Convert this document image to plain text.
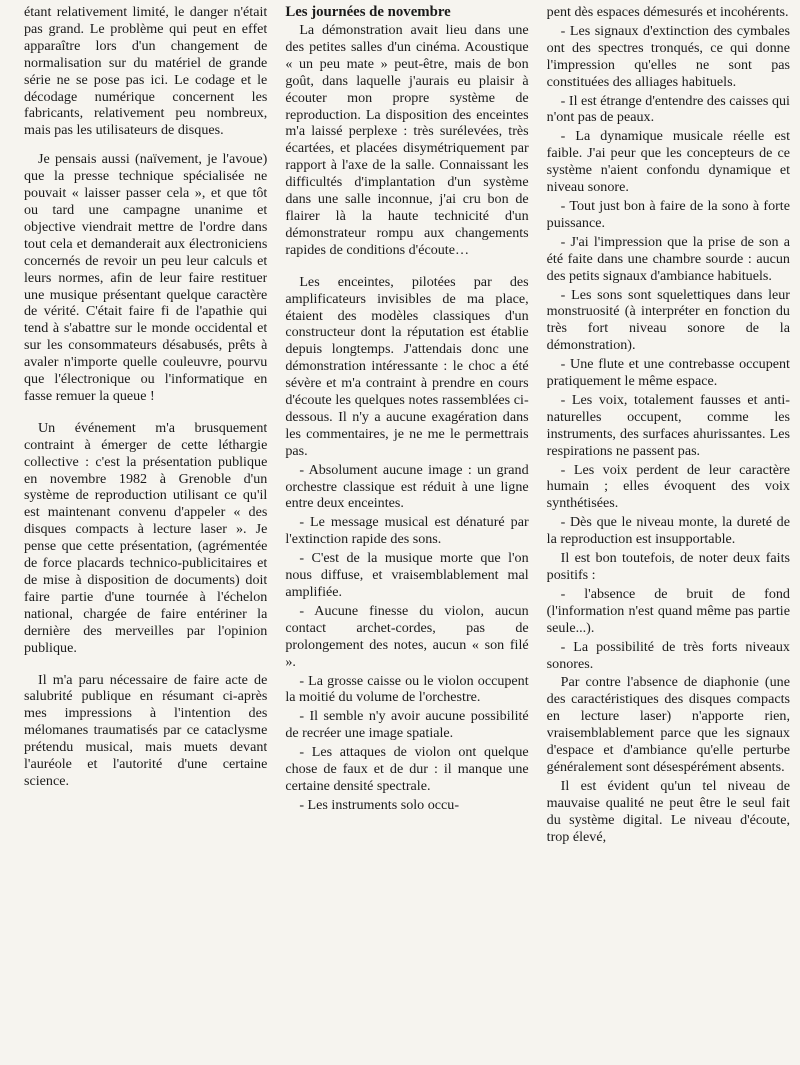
étant relativement limité, le danger n'était pas grand. Le problème qui peut en effet apparaître lors d'un changement de normalisation sur du matériel de grande série ne se pose pas ici. Le codage et le décodage numérique concernent les fabricants, relativement peu nombreux, mais pas les utilisateurs de disques.

Je pensais aussi (naïvement, je l'avoue) que la presse technique spécialisée ne pouvait « laisser passer cela », et que tôt ou tard une campagne unanime et objective viendrait mettre de l'ordre dans tout cela et demanderait aux électroniciens concernés de revoir un peu leur calculs et leurs normes, afin de leur faire restituer une musique présentant quelque caractère de vérité. C'était faire fi de l'apathie qui tend à s'abattre sur le monde occidental et sur les consommateurs désabusés, prêts à avaler n'importe quelle couleuvre, pourvu que l'électronique ou l'informatique en fasse remuer la queue !

Un événement m'a brusquement contraint à émerger de cette léthargie collective : c'est la présentation publique en novembre 1982 à Grenoble d'un système de reproduction utilisant ce qu'il est maintenant convenu d'appeler « des disques compacts à lecture laser ». Je pense que cette présentation, (agrémentée de force placards technico-publicitaires et de mise à disposition de documents) doit faire partie d'une tournée à l'échelon national, chargée de faire entériner la dernière des merveilles par l'opinion publique.

Il m'a paru nécessaire de faire acte de salubrité publique en résumant ci-après mes impressions à l'intention des mélomanes traumatisés par ce cataclysme prétendu musical, mais muets devant l'auréole et l'autorité d'une certaine science.

Les journées de novembre

La démonstration avait lieu dans une des petites salles d'un cinéma. Acoustique « un peu mate » peut-être, mais de bon goût, dans laquelle j'aurais eu plaisir à écouter mon propre système de reproduction. La disposition des enceintes m'a laissé perplexe : très surélevées, très écartées, et placées disymétriquement par rapport à l'axe de la salle. Connaissant les difficultés d'implantation d'un système dans une salle inconnue, j'ai cru bon de flairer là la haute technicité d'un démonstrateur rompu aux changements rapides de conditions d'écoute…

Les enceintes, pilotées par des amplificateurs invisibles de ma place, étaient des modèles classiques d'un constructeur dont la réputation est établie depuis longtemps. J'attendais donc une démonstration intéressante : le choc a été sévère et m'a contraint à prendre en cours d'écoute les quelques notes rassemblées ci-dessous. Il n'y a aucune exagération dans les commentaires, je ne me le permettrais pas.

- Absolument aucune image : un grand orchestre classique est réduit à une ligne entre deux enceintes.

- Le message musical est dénaturé par l'extinction rapide des sons.

- C'est de la musique morte que l'on nous diffuse, et vraisemblablement mal amplifiée.

- Aucune finesse du violon, aucun contact archet-cordes, pas de prolongement des notes, aucun « son filé ».

- La grosse caisse ou le violon occupent la moitié du volume de l'orchestre.

- Il semble n'y avoir aucune possibilité de recréer une image spatiale.

- Les attaques de violon ont quelque chose de faux et de dur : il manque une certaine densité spectrale.

- Les instruments solo occu-

pent dès espaces démesurés et incohérents.

- Les signaux d'extinction des cymbales ont des spectres tronqués, ce qui donne l'impression qu'elles ne sont pas constituées des alliages habituels.

- Il est étrange d'entendre des caisses qui n'ont pas de peaux.

- La dynamique musicale réelle est faible. J'ai peur que les concepteurs de ce système n'aient confondu dynamique et niveau sonore.

- Tout just bon à faire de la sono à forte puissance.

- J'ai l'impression que la prise de son a été faite dans une chambre sourde : aucun des petits signaux d'ambiance habituels.

- Les sons sont squelettiques dans leur monstruosité (à interpréter en fonction du très fort niveau sonore de la démonstration).

- Une flute et une contrebasse occupent pratiquement le même espace.

- Les voix, totalement fausses et anti-naturelles occupent, comme les instruments, des surfaces ahurissantes. Les respirations ne passent pas.

- Les voix perdent de leur caractère humain ; elles évoquent des voix synthétisées.

- Dès que le niveau monte, la dureté de la reproduction est insupportable.

Il est bon toutefois, de noter deux faits positifs :

- l'absence de bruit de fond (l'information n'est quand même pas partie seule...).

- La possibilité de très forts niveaux sonores.

Par contre l'absence de diaphonie (une des caractéristiques des disques compacts en lecture laser) n'apporte rien, vraisemblablement parce que les signaux d'espace et d'ambiance qu'elle perturbe généralement sont désespérément absents.

Il est évident qu'un tel niveau de mauvaise qualité ne peut être le seul fait du système digital. Le niveau d'écoute, trop élevé,
